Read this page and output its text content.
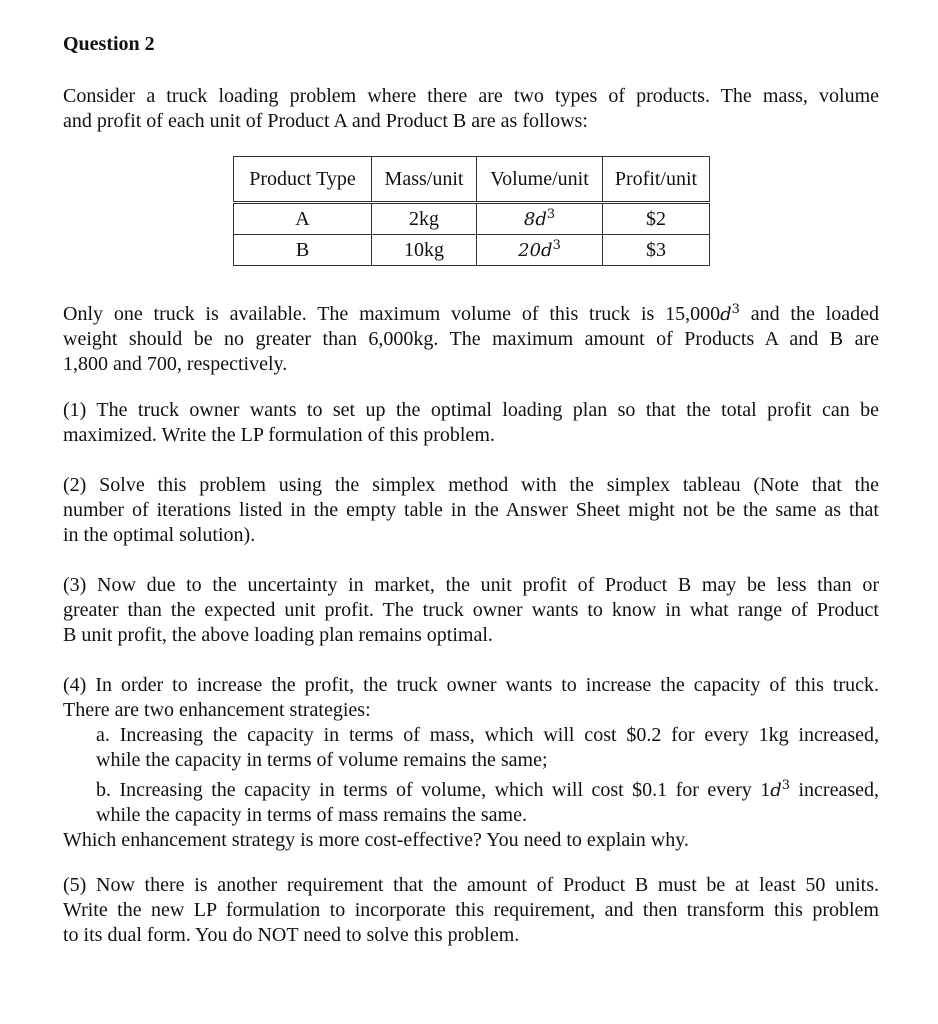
Question 2

Consider a truck loading problem where there are two types of products. The mass, volume
and profit of each unit of Product A and Product B are as follows:

Product Type	Mass/unit	Volume/unit	Profit/unit
A	2kg	$8d^3$	$2
B	10kg	$20d^3$	$3

Only one truck is available. The maximum volume of this truck is $15,000d^3$ and the loaded
weight should be no greater than 6,000kg. The maximum amount of Products A and B are
1,800 and 700, respectively.

(1) The truck owner wants to set up the optimal loading plan so that the total profit can be
maximized. Write the LP formulation of this problem.

(2) Solve this problem using the simplex method with the simplex tableau (Note that the
number of iterations listed in the empty table in the Answer Sheet might not be the same as that
in the optimal solution).

(3) Now due to the uncertainty in market, the unit profit of Product B may be less than or
greater than the expected unit profit. The truck owner wants to know in what range of Product
B unit profit, the above loading plan remains optimal.

(4) In order to increase the profit, the truck owner wants to increase the capacity of this truck.
There are two enhancement strategies:
a. Increasing the capacity in terms of mass, which will cost $0.2 for every 1kg increased,
while the capacity in terms of volume remains the same;
b. Increasing the capacity in terms of volume, which will cost $0.1 for every $1d^3$ increased,
while the capacity in terms of mass remains the same.
Which enhancement strategy is more cost-effective? You need to explain why.

(5) Now there is another requirement that the amount of Product B must be at least 50 units.
Write the new LP formulation to incorporate this requirement, and then transform this problem
to its dual form. You do NOT need to solve this problem.
